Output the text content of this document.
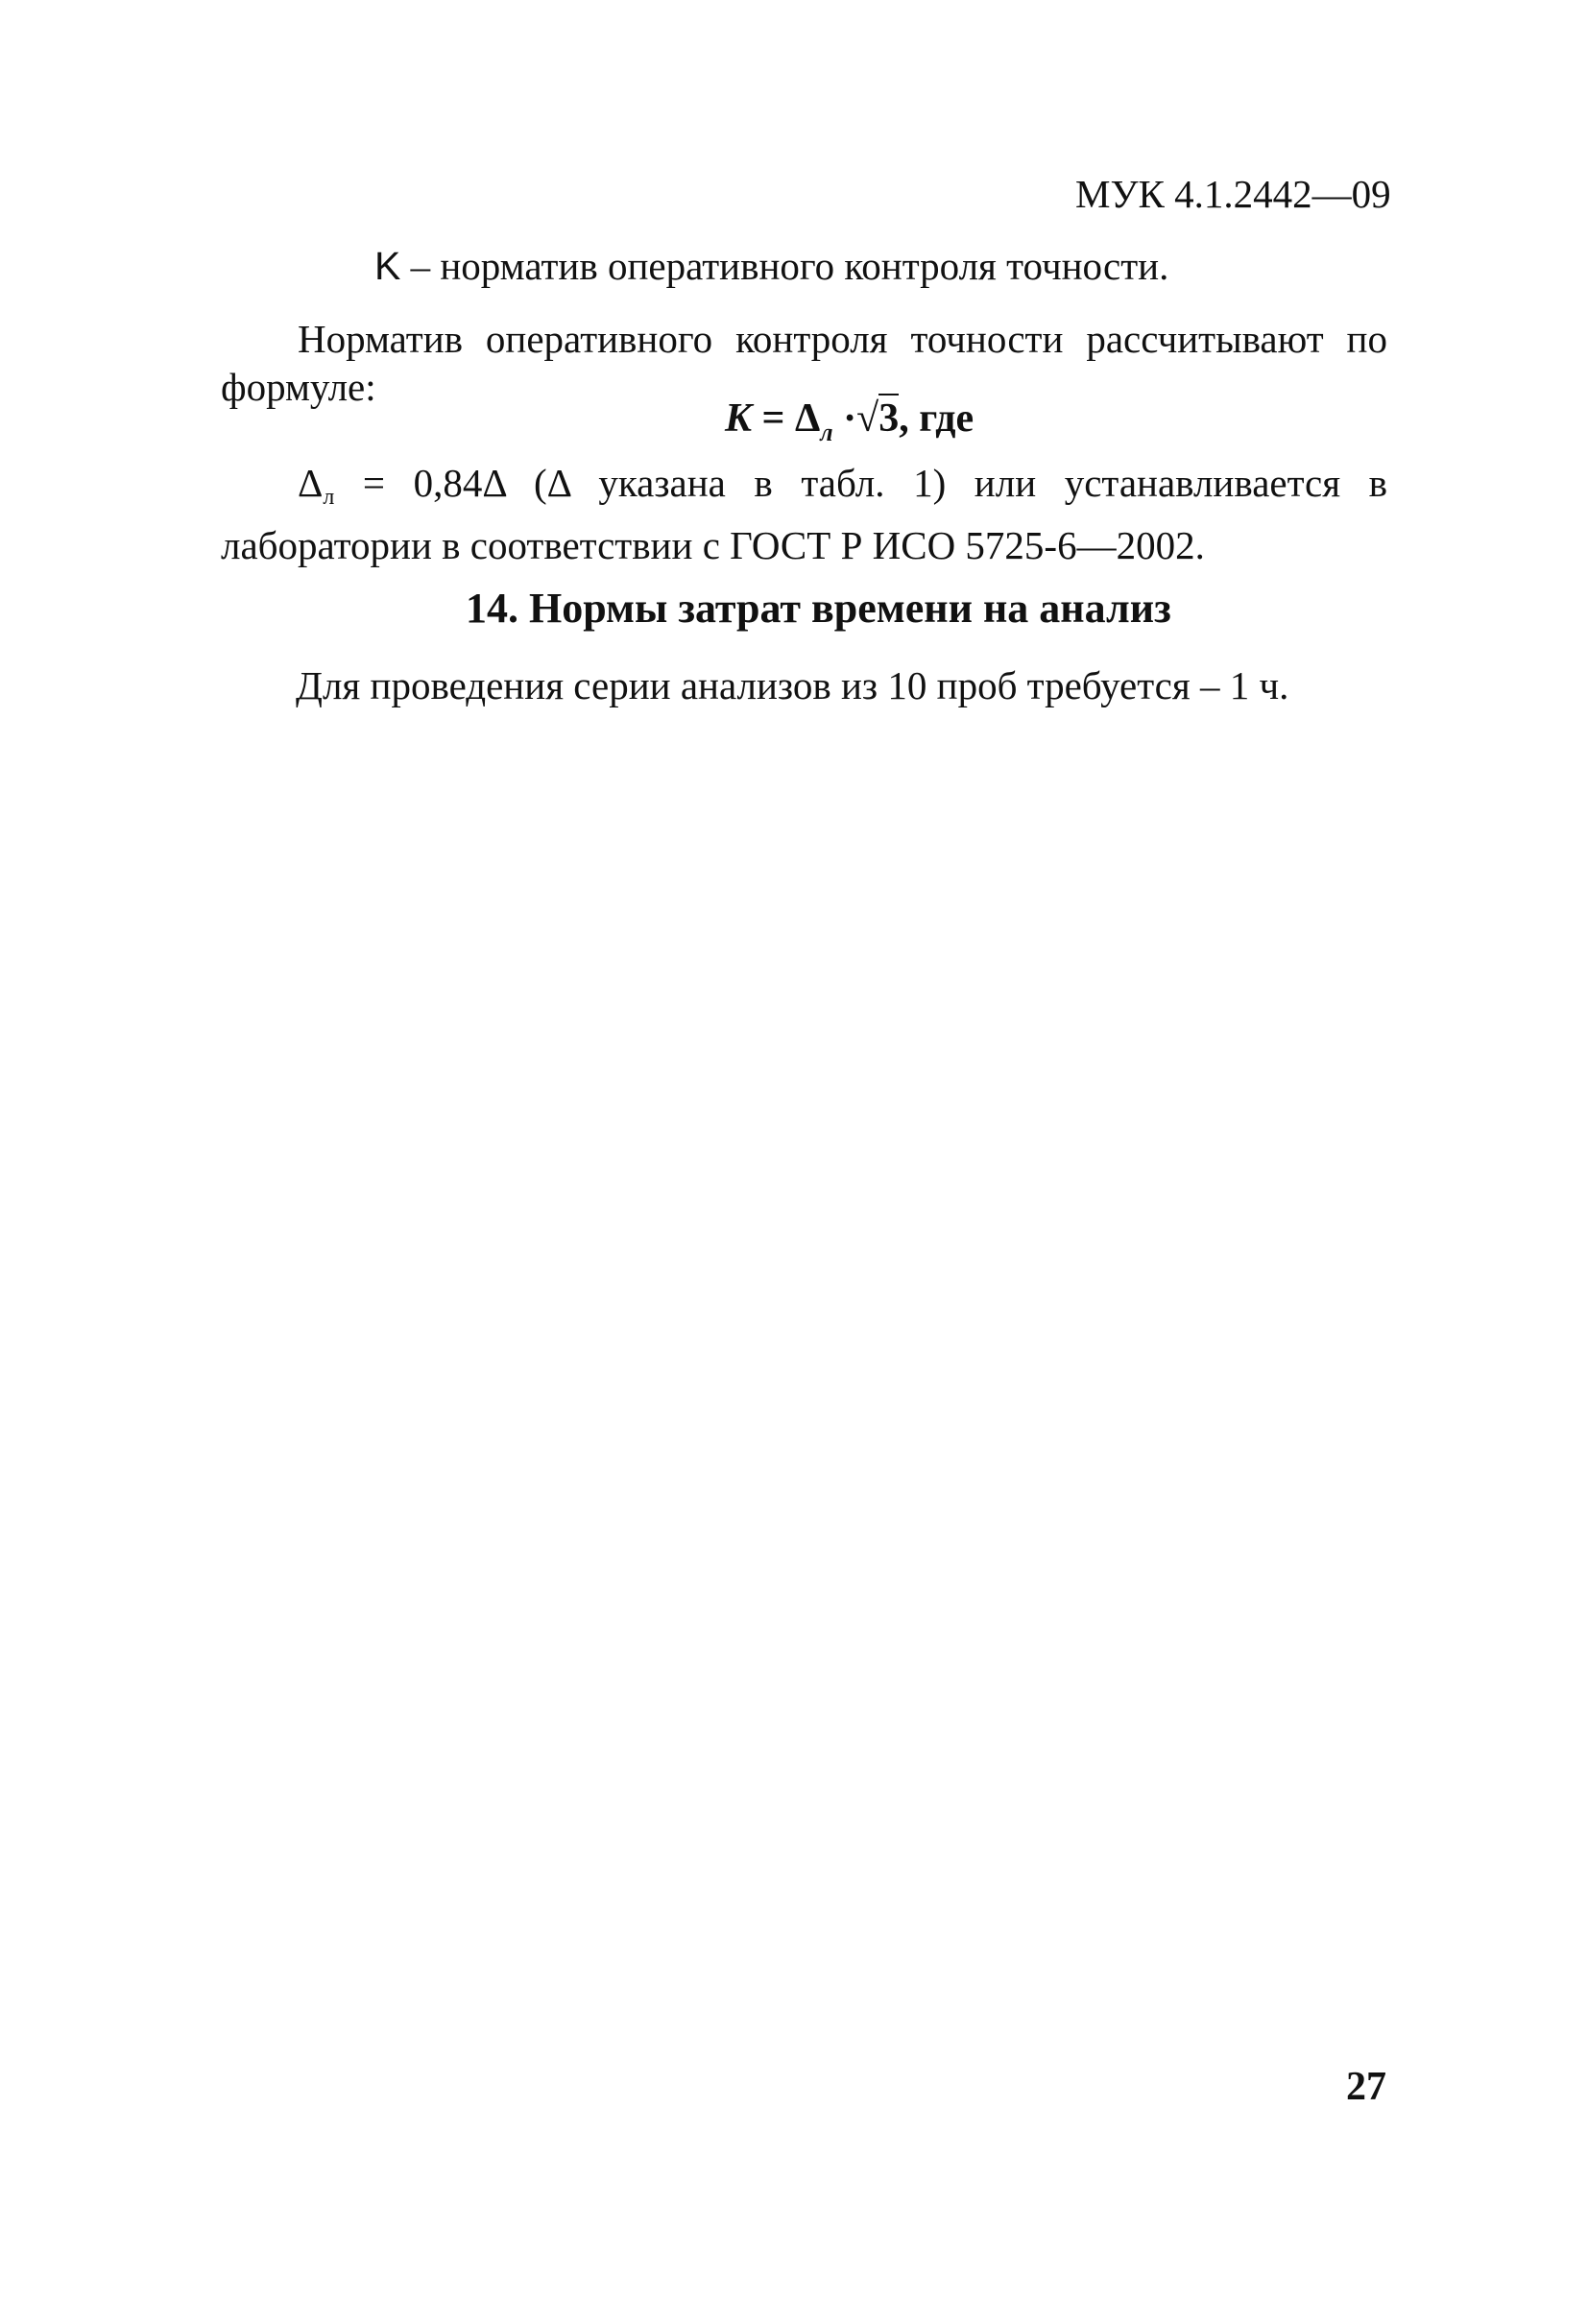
МУК 4.1.2442—09
K – норматив оперативного контроля точности.
Норматив оперативного контроля точности рассчитывают по формуле:
$K = \Delta_л \cdot√3$, где
$\Delta_л = 0,84\Delta$ (Δ указана в табл. 1) или устанавливается в лаборатории в соответствии с ГОСТ Р ИСО 5725-6—2002.
14. Нормы затрат времени на анализ
Для проведения серии анализов из 10 проб требуется – 1 ч.
27
